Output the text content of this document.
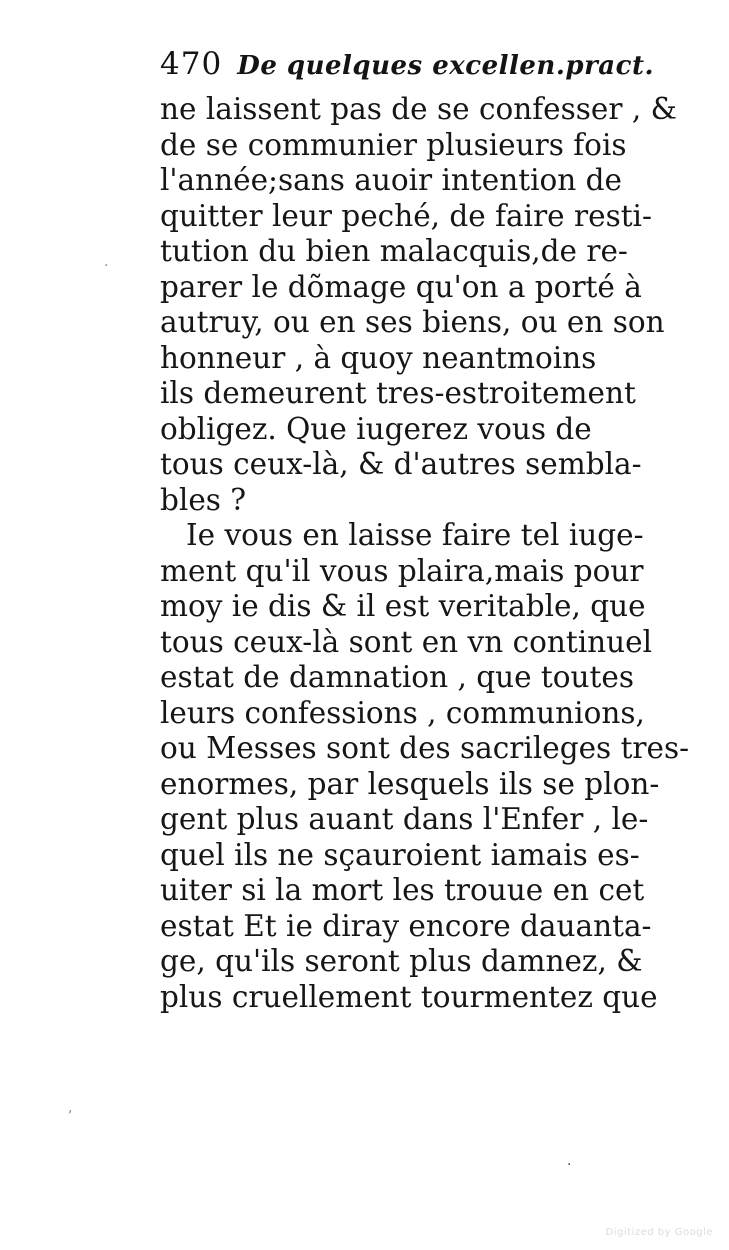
470 De quelques excellen.pract.
ne laissent pas de se confesser , &
de se communier plusieurs fois
l'année;sans auoir intention de
quitter leur peché, de faire resti-
tution du bien malacquis,de re-
parer le dõmage qu'on a porté à
autruy, ou en ses biens, ou en son
honneur , à quoy neantmoins
ils demeurent tres-estroitement
obligez. Que iugerez vous de
tous ceux-là, & d'autres sembla-
bles ?
Ie vous en laisse faire tel iuge-
ment qu'il vous plaira,mais pour
moy ie dis & il est veritable, que
tous ceux-là sont en vn continuel
estat de damnation , que toutes
leurs confessions , communions,
ou Messes sont des sacrileges tres-
enormes, par lesquels ils se plon-
gent plus auant dans l'Enfer , le-
quel ils ne sçauroient iamais es-
uiter si la mort les trouue en cet
estat Et ie diray encore dauanta-
ge, qu'ils seront plus damnez, &
plus cruellement tourmentez que
·
,
·
Digitized by Google
